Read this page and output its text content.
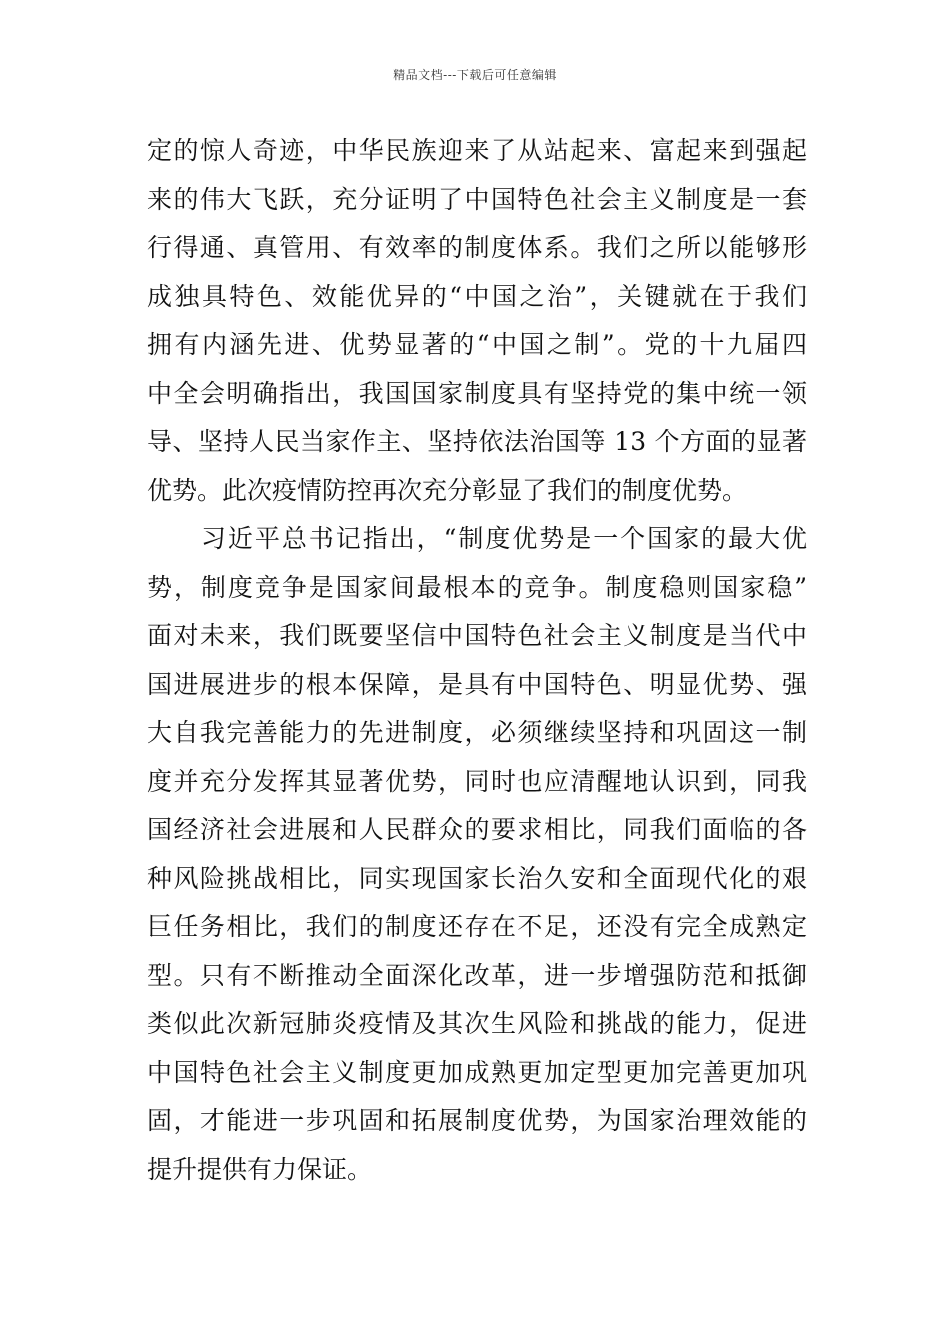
精品文档---下载后可任意编辑
定的惊人奇迹，中华民族迎来了从站起来、富起来到强起
来的伟大飞跃，充分证明了中国特色社会主义制度是一套
行得通、真管用、有效率的制度体系。我们之所以能够形
成独具特色、效能优异的“中国之治”，关键就在于我们
拥有内涵先进、优势显著的“中国之制”。党的十九届四
中全会明确指出，我国国家制度具有坚持党的集中统一领
导、坚持人民当家作主、坚持依法治国等 13 个方面的显著
优势。此次疫情防控再次充分彰显了我们的制度优势。
　　习近平总书记指出，“制度优势是一个国家的最大优
势，制度竞争是国家间最根本的竞争。制度稳则国家稳”
面对未来，我们既要坚信中国特色社会主义制度是当代中
国进展进步的根本保障，是具有中国特色、明显优势、强
大自我完善能力的先进制度，必须继续坚持和巩固这一制
度并充分发挥其显著优势，同时也应清醒地认识到，同我
国经济社会进展和人民群众的要求相比，同我们面临的各
种风险挑战相比，同实现国家长治久安和全面现代化的艰
巨任务相比，我们的制度还存在不足，还没有完全成熟定
型。只有不断推动全面深化改革，进一步增强防范和抵御
类似此次新冠肺炎疫情及其次生风险和挑战的能力，促进
中国特色社会主义制度更加成熟更加定型更加完善更加巩
固，才能进一步巩固和拓展制度优势，为国家治理效能的
提升提供有力保证。
